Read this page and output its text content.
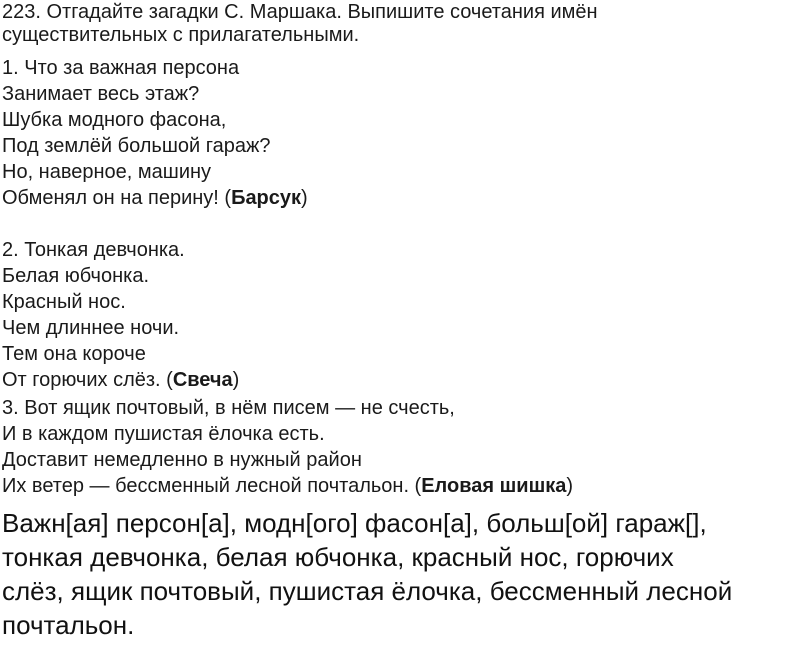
223. Отгадайте загадки С. Маршака. Выпишите сочетания имён
существительных с прилагательными.
1. Что за важная персона
Занимает весь этаж?
Шубка модного фасона,
Под землёй большой гараж?
Но, наверное, машину
Обменял он на перину! (Барсук)
2. Тонкая девчонка.
Белая юбчонка.
Красный нос.
Чем длиннее ночи.
Тем она короче
От горючих слёз. (Свеча)
3. Вот ящик почтовый, в нём писем — не счесть,
И в каждом пушистая ёлочка есть.
Доставит немедленно в нужный район
Их ветер — бессменный лесной почтальон. (Еловая шишка)
Важн[ая] персон[а], модн[ого] фасон[а], больш[ой] гараж[],
тонкая девчонка, белая юбчонка, красный нос, горючих
слёз, ящик почтовый, пушистая ёлочка, бессменный лесной
почтальон.
